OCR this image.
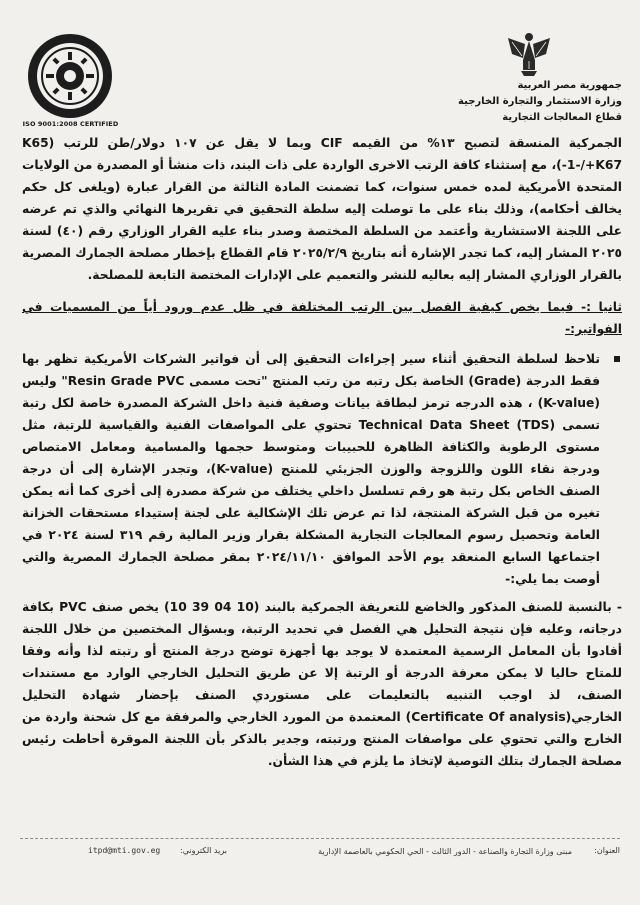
ISO 9001:2008 CERTIFIED
جمهورية مصر العربية
وزارة الاستثمار والتجارة الخارجية
قطاع المعالجات التجارية

الجمركية المنسقة لتصبح ١٣% من القيمه CIF وبما لا يقل عن ١٠٧ دولار/طن للرتب (K65 -1-/+K67)، مع إستثناء كافة الرتب الاخرى الواردة على ذات البند، ذات منشأ أو المصدرة من الولايات المتحدة الأمريكية لمده خمس سنوات، كما تضمنت المادة الثالثة من القرار عبارة (ويلغى كل حكم يخالف أحكامه)، وذلك بناء على ما توصلت إليه سلطة التحقيق في تقريرها النهائي والذي تم عرضه على اللجنة الاستشارية وأعتمد من السلطة المختصة وصدر بناء عليه القرار الوزاري رقم (٤٠) لسنة ٢٠٢٥ المشار إليه، كما تجدر الإشارة أنه بتاريخ ٢٠٢٥/٢/٩ قام القطاع بإخطار مصلحة الجمارك المصرية بالقرار الوزاري المشار إليه بعاليه للنشر والتعميم على الإدارات المختصة التابعة للمصلحة.

ثانيا :- فيما يخص كيفية الفصل بين الرتب المختلفة في ظل عدم ورود أياً من المسميات في الفواتير:-

تلاحظ لسلطة التحقيق أثناء سير إجراءات التحقيق إلى أن فواتير الشركات الأمريكية تظهر بها فقط الدرجة (Grade) الخاصة بكل رتبه من رتب المنتج "تحت مسمى Resin Grade PVC" وليس (K-value) ، هذه الدرجه ترمز لبطاقة بيانات وصفية فنية داخل الشركة المصدرة خاصة لكل رتبة تسمى Technical Data Sheet (TDS) تحتوي على المواصفات الفنية والقياسية للرتبة، مثل مستوى الرطوبة والكثافة الظاهرة للحبيبات ومتوسط حجمها والمسامية ومعامل الامتصاص ودرجة نقاء اللون واللزوجة والوزن الجزيئي للمنتج (K-value)، وتجدر الإشارة إلى أن درجة الصنف الخاص بكل رتبة هو رقم تسلسل داخلي يختلف من شركة مصدرة إلى أخرى كما أنه يمكن تغيره من قبل الشركة المنتجة، لذا تم عرض تلك الإشكالية على لجنة إستيداء مستحقات الخزانة العامة وتحصيل رسوم المعالجات التجارية المشكلة بقرار وزير المالية رقم ٣١٩ لسنة ٢٠٢٤ في اجتماعها السابع المنعقد يوم الأحد الموافق ٢٠٢٤/١١/١٠ بمقر مصلحة الجمارك المصرية والتي أوصت بما يلي:-

- بالنسبة للصنف المذكور والخاضع للتعريفة الجمركية بالبند (10 04 39 10) يخص صنف PVC بكافة درجاته، وعليه فإن نتيجة التحليل هي الفصل في تحديد الرتبة، وبسؤال المختصين من خلال اللجنة أفادوا بأن المعامل الرسمية المعتمدة لا يوجد بها أجهزة توضح درجة المنتج أو رتبته لذا وأنه وفقا للمتاح حاليا لا يمكن معرفة الدرجة أو الرتبة إلا عن طريق التحليل الخارجي الوارد مع مستندات الصنف، لذ اوجب التنبيه بالتعليمات على مستوردي الصنف بإحضار شهادة التحليل الخارجي(Certificate Of analysis) المعتمدة من المورد الخارجي والمرفقة مع كل شحنة واردة من الخارج والتي تحتوي على مواصفات المنتج ورتبته، وجدير بالذكر بأن اللجنة الموقرة أحاطت رئيس مصلحة الجمارك بتلك التوصية لإتخاذ ما يلزم في هذا الشأن.

العنوان:
مبنى وزارة التجارة والصناعة - الدور الثالث - الحي الحكومي بالعاصمة الإدارية
بريد الكتروني:
itpd@mti.gov.eg
